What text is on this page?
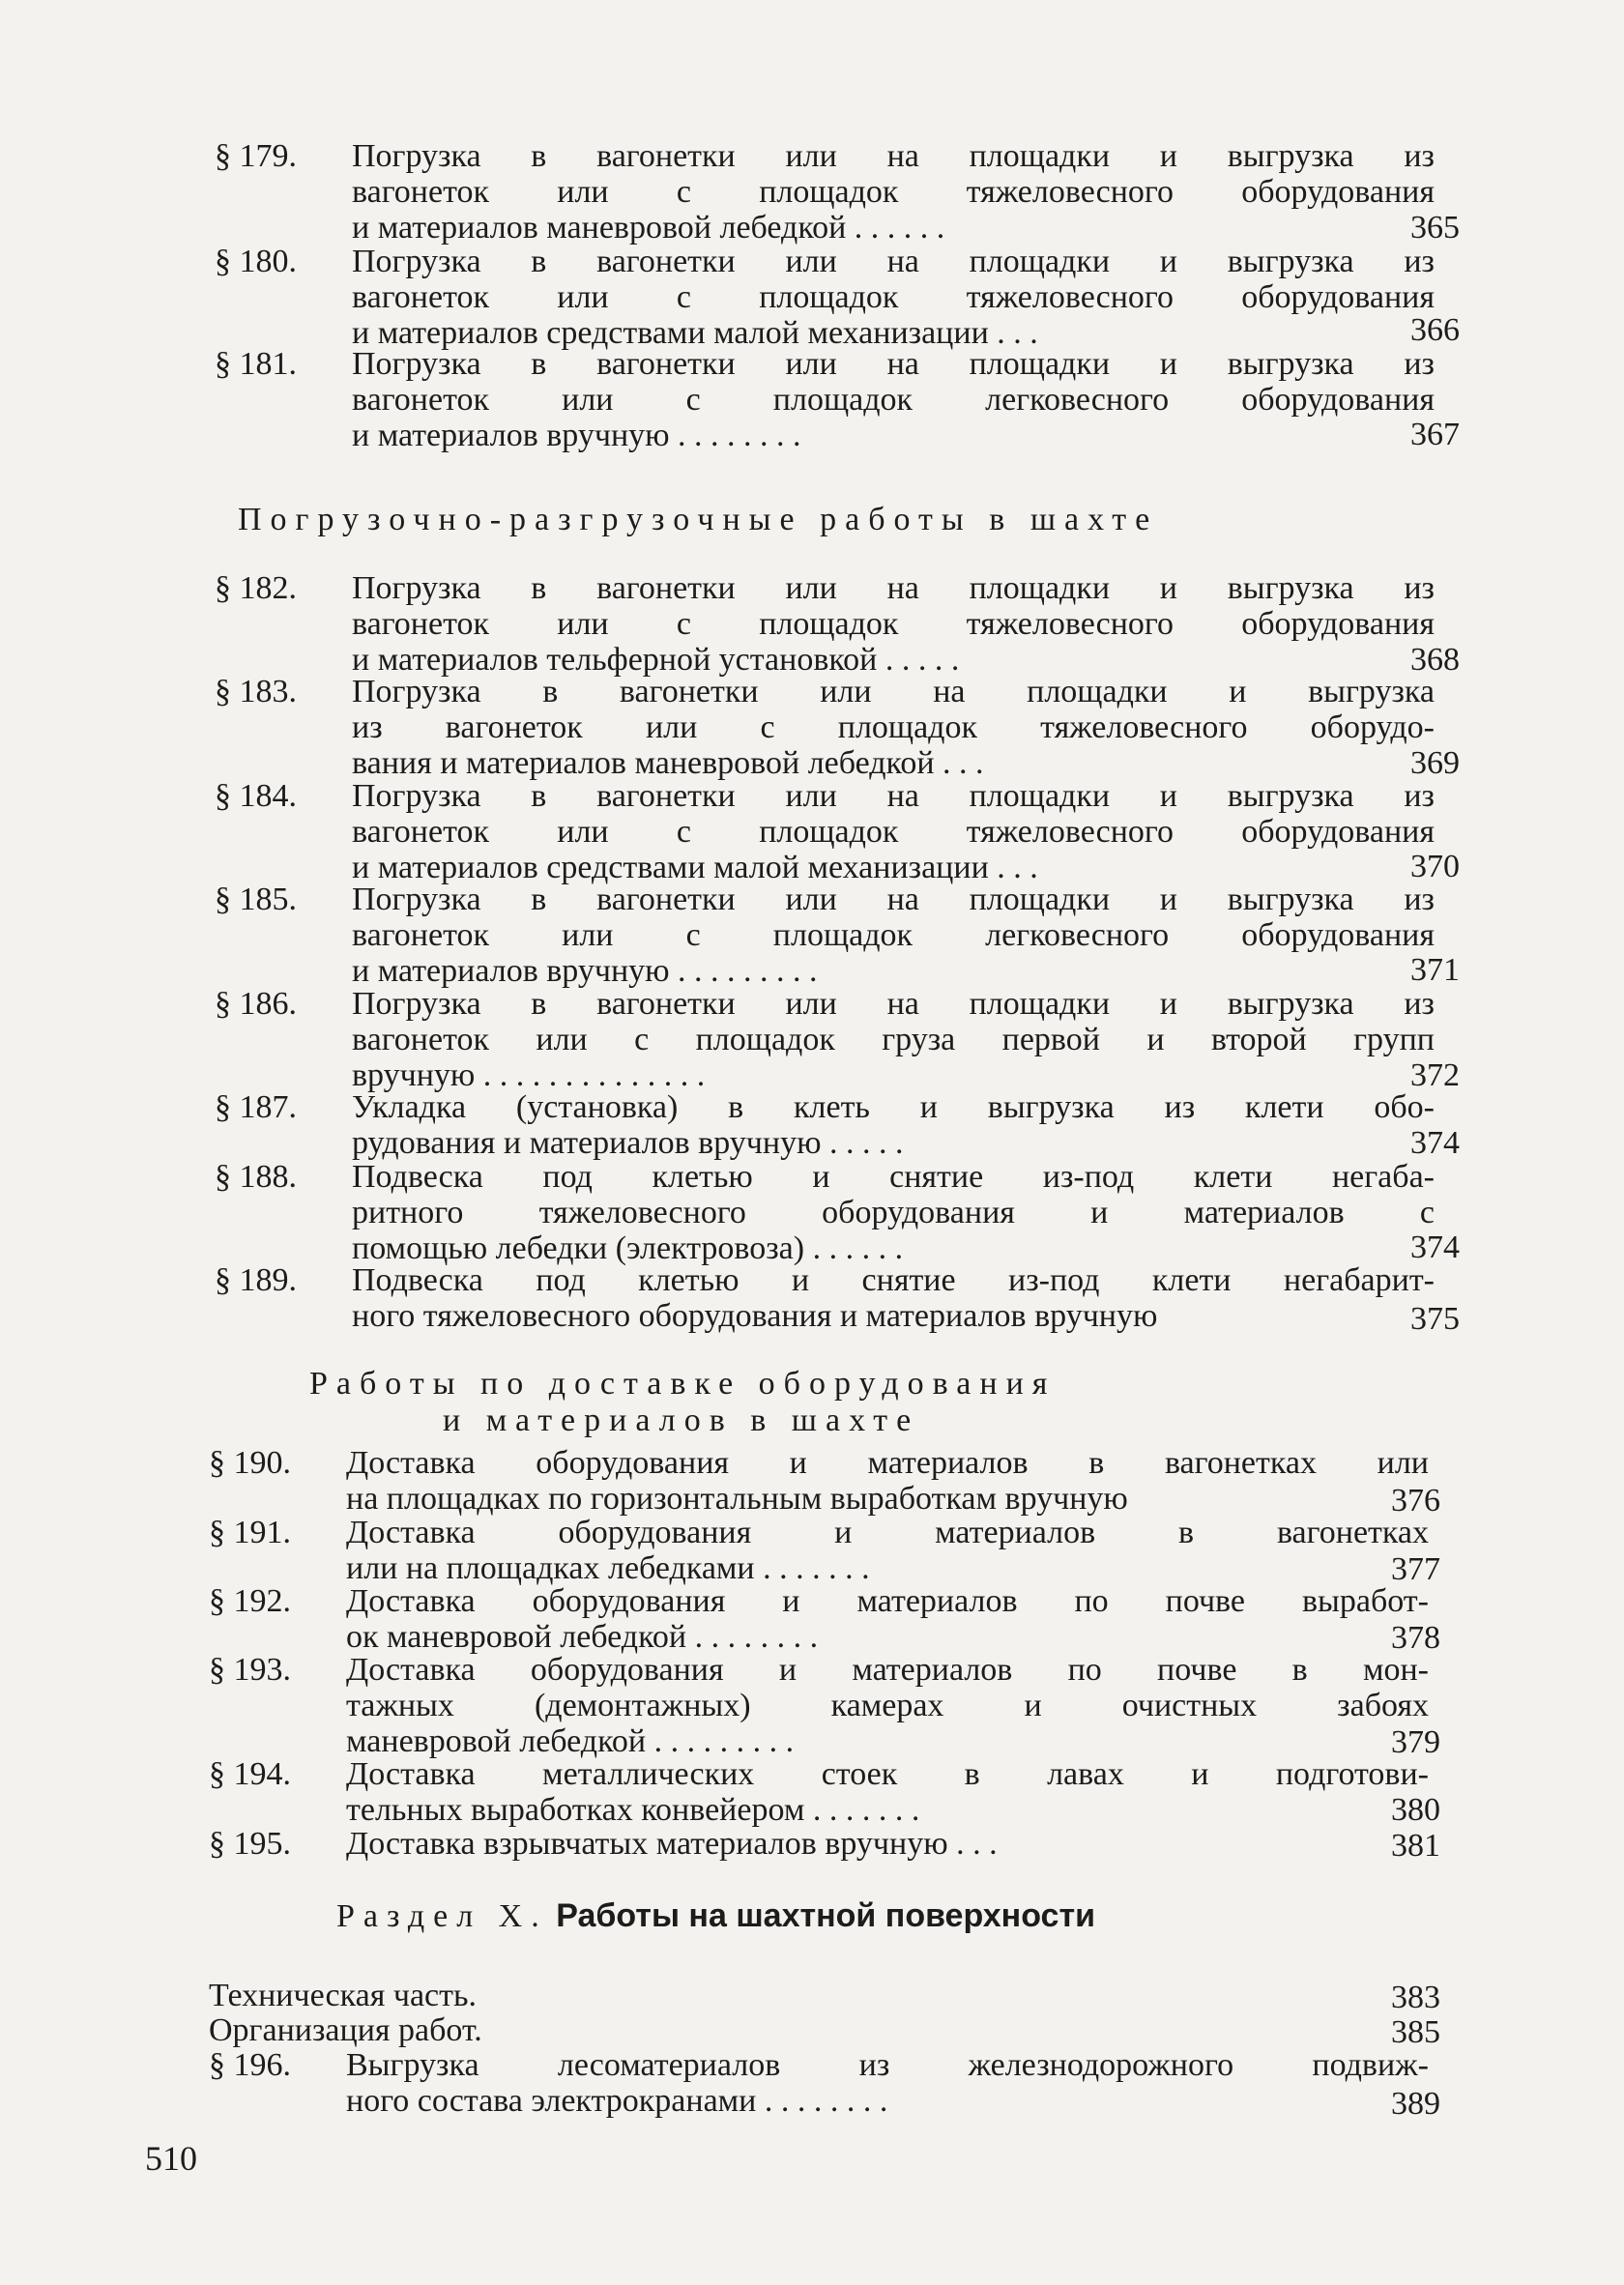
§ 179.	Погрузка в вагонетки или на площадки и выгрузка из
вагонеток или с площадок тяжеловесного оборудования
и материалов маневровой лебедкой . . . . . .	365
§ 180.	Погрузка в вагонетки или на площадки и выгрузка из
вагонеток или с площадок тяжеловесного оборудования
и материалов средствами малой механизации . . .	366
§ 181.	Погрузка в вагонетки или на площадки и выгрузка из
вагонеток или с площадок легковесного оборудования
и материалов вручную . . . . . . . .	367
Погрузочно-разгрузочные работы в шахте
§ 182.	Погрузка в вагонетки или на площадки и выгрузка из
вагонеток или с площадок тяжеловесного оборудования
и материалов тельферной установкой . . . . .	368
§ 183.	Погрузка в вагонетки или на площадки и выгрузка
из вагонеток или с площадок тяжеловесного оборудо-
вания и материалов маневровой лебедкой . . .	369
§ 184.	Погрузка в вагонетки или на площадки и выгрузка из
вагонеток или с площадок тяжеловесного оборудования
и материалов средствами малой механизации . . .	370
§ 185.	Погрузка в вагонетки или на площадки и выгрузка из
вагонеток или с площадок легковесного оборудования
и материалов вручную . . . . . . . . .	371
§ 186.	Погрузка в вагонетки или на площадки и выгрузка из
вагонеток или с площадок груза первой и второй групп
вручную . . . . . . . . . . . . . .	372
§ 187.	Укладка (установка) в клеть и выгрузка из клети обо-
рудования и материалов вручную . . . . .	374
§ 188.	Подвеска под клетью и снятие из-под клети негаба-
ритного тяжеловесного оборудования и материалов с
помощью лебедки (электровоза) . . . . . .	374
§ 189.	Подвеска под клетью и снятие из-под клети негабарит-
ного тяжеловесного оборудования и материалов вручную	375
Работы по доставке оборудования
и материалов в шахте
§ 190.	Доставка оборудования и материалов в вагонетках или
на площадках по горизонтальным выработкам вручную	376
§ 191.	Доставка оборудования и материалов в вагонетках
или на площадках лебедками . . . . . . .	377
§ 192.	Доставка оборудования и материалов по почве выработ-
ок маневровой лебедкой . . . . . . . .	378
§ 193.	Доставка оборудования и материалов по почве в мон-
тажных (демонтажных) камерах и очистных забоях
маневровой лебедкой . . . . . . . . .	379
§ 194.	Доставка металлических стоек в лавах и подготови-
тельных выработках конвейером . . . . . . .	380
§ 195.	Доставка взрывчатых материалов вручную . . .	381
Раздел X. Работы на шахтной поверхности
Техническая часть.	383
Организация работ.	385
§ 196.	Выгрузка лесоматериалов из железнодорожного подвиж-
ного состава электрокранами . . . . . . . .	389
510
